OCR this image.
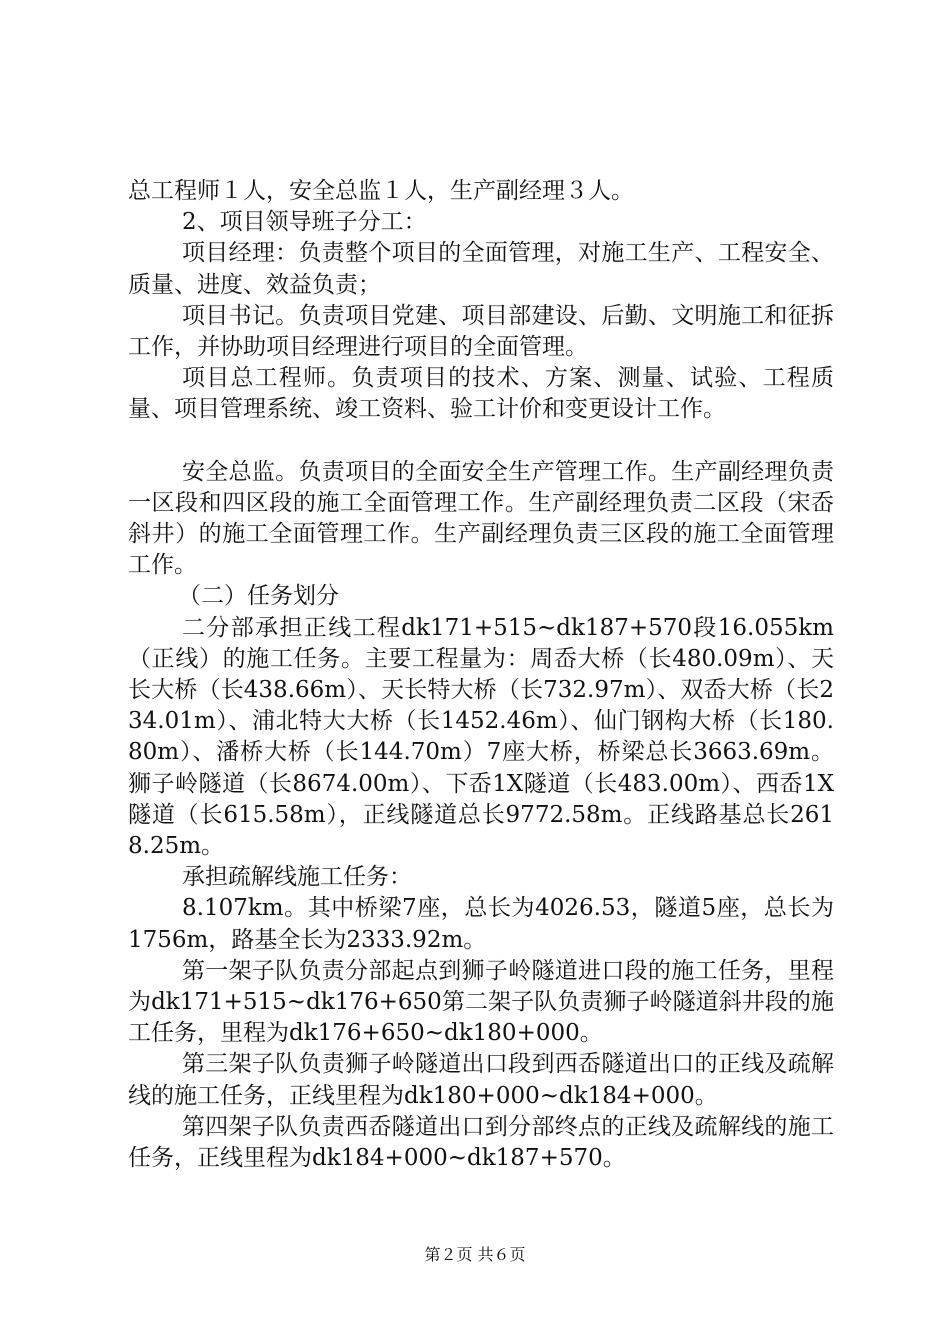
总工程师１人，安全总监１人，生产副经理３人。

2、项目领导班子分工：

项目经理：负责整个项目的全面管理，对施工生产、工程安全、质量、进度、效益负责；

项目书记。负责项目党建、项目部建设、后勤、文明施工和征拆工作，并协助项目经理进行项目的全面管理。

项目总工程师。负责项目的技术、方案、测量、试验、工程质量、项目管理系统、竣工资料、验工计价和变更设计工作。

安全总监。负责项目的全面安全生产管理工作。生产副经理负责一区段和四区段的施工全面管理工作。生产副经理负责二区段（宋岙斜井）的施工全面管理工作。生产副经理负责三区段的施工全面管理工作。

（二）任务划分

二分部承担正线工程dk171+515~dk187+570段16.055km（正线）的施工任务。主要工程量为：周岙大桥（长480.09m）、天长大桥（长438.66m）、天长特大桥（长732.97m）、双岙大桥（长234.01m）、浦北特大大桥（长1452.46m）、仙门钢构大桥（长180.80m）、潘桥大桥（长144.70m）7座大桥，桥梁总长3663.69m。狮子岭隧道（长8674.00m）、下岙1X隧道（长483.00m）、西岙1X隧道（长615.58m），正线隧道总长9772.58m。正线路基总长2618.25m。

承担疏解线施工任务：

8.107km。其中桥梁7座，总长为4026.53，隧道5座，总长为1756m，路基全长为2333.92m。

第一架子队负责分部起点到狮子岭隧道进口段的施工任务，里程为dk171+515~dk176+650第二架子队负责狮子岭隧道斜井段的施工任务，里程为dk176+650~dk180+000。

第三架子队负责狮子岭隧道出口段到西岙隧道出口的正线及疏解线的施工任务，正线里程为dk180+000~dk184+000。

第四架子队负责西岙隧道出口到分部终点的正线及疏解线的施工任务，正线里程为dk184+000~dk187+570。

第２页 共６页
